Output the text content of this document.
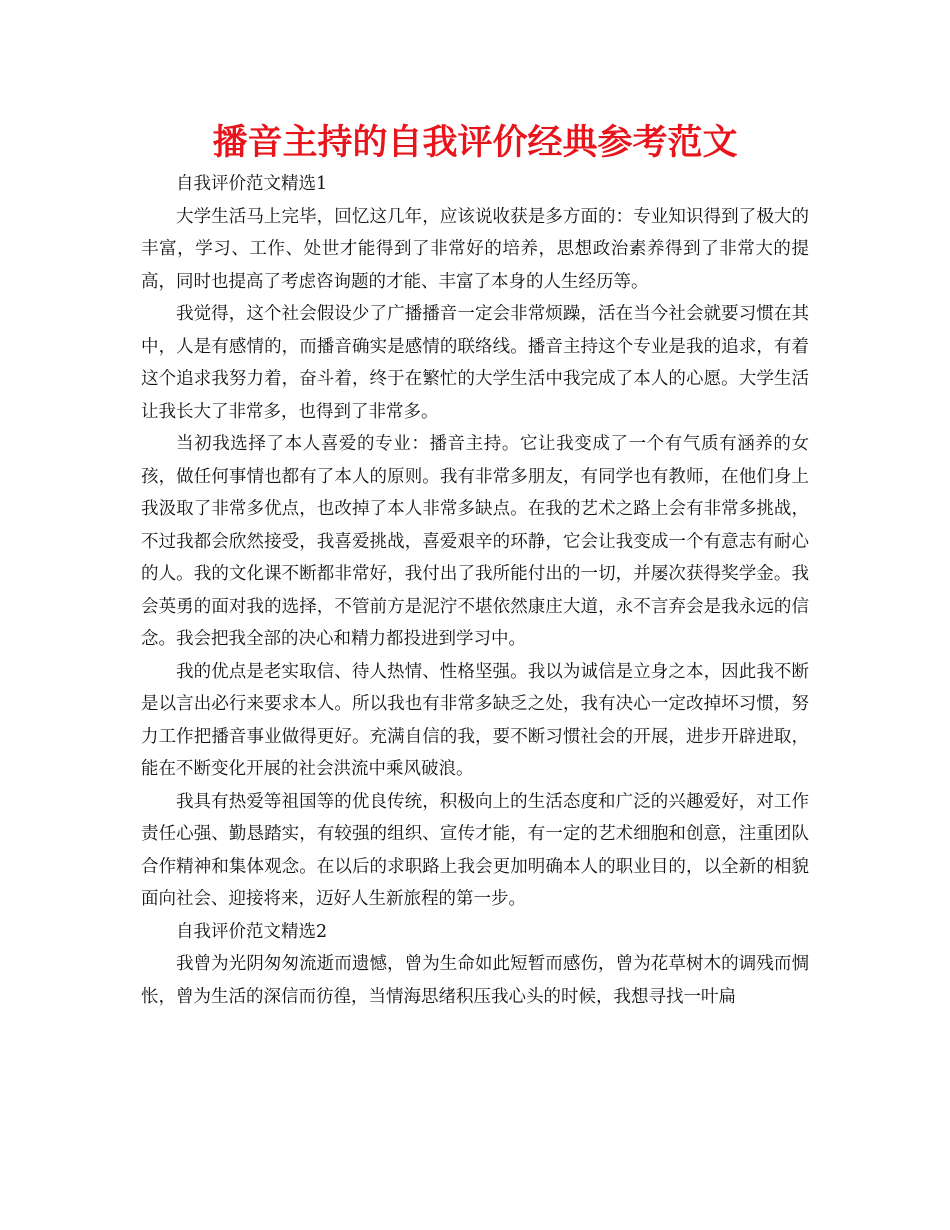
播音主持的自我评价经典参考范文

自我评价范文精选1

大学生活马上完毕，回忆这几年，应该说收获是多方面的：专业知识得到了极大的丰富，学习、工作、处世才能得到了非常好的培养，思想政治素养得到了非常大的提高，同时也提高了考虑咨询题的才能、丰富了本身的人生经历等。

我觉得，这个社会假设少了广播播音一定会非常烦躁，活在当今社会就要习惯在其中，人是有感情的，而播音确实是感情的联络线。播音主持这个专业是我的追求，有着这个追求我努力着，奋斗着，终于在繁忙的大学生活中我完成了本人的心愿。大学生活让我长大了非常多，也得到了非常多。

当初我选择了本人喜爱的专业：播音主持。它让我变成了一个有气质有涵养的女孩，做任何事情也都有了本人的原则。我有非常多朋友，有同学也有教师，在他们身上我汲取了非常多优点，也改掉了本人非常多缺点。在我的艺术之路上会有非常多挑战，不过我都会欣然接受，我喜爱挑战，喜爱艰辛的环静，它会让我变成一个有意志有耐心的人。我的文化课不断都非常好，我付出了我所能付出的一切，并屡次获得奖学金。我会英勇的面对我的选择，不管前方是泥泞不堪依然康庄大道，永不言弃会是我永远的信念。我会把我全部的决心和精力都投进到学习中。

我的优点是老实取信、待人热情、性格坚强。我以为诚信是立身之本，因此我不断是以言出必行来要求本人。所以我也有非常多缺乏之处，我有决心一定改掉坏习惯，努力工作把播音事业做得更好。充满自信的我，要不断习惯社会的开展，进步开辟进取，能在不断变化开展的社会洪流中乘风破浪。

我具有热爱等祖国等的优良传统，积极向上的生活态度和广泛的兴趣爱好，对工作责任心强、勤恳踏实，有较强的组织、宣传才能，有一定的艺术细胞和创意，注重团队合作精神和集体观念。在以后的求职路上我会更加明确本人的职业目的，以全新的相貌面向社会、迎接将来，迈好人生新旅程的第一步。

自我评价范文精选2

我曾为光阴匆匆流逝而遗憾，曾为生命如此短暂而感伤，曾为花草树木的调残而惆怅，曾为生活的深信而彷徨，当情海思绪积压我心头的时候，我想寻找一叶扁
